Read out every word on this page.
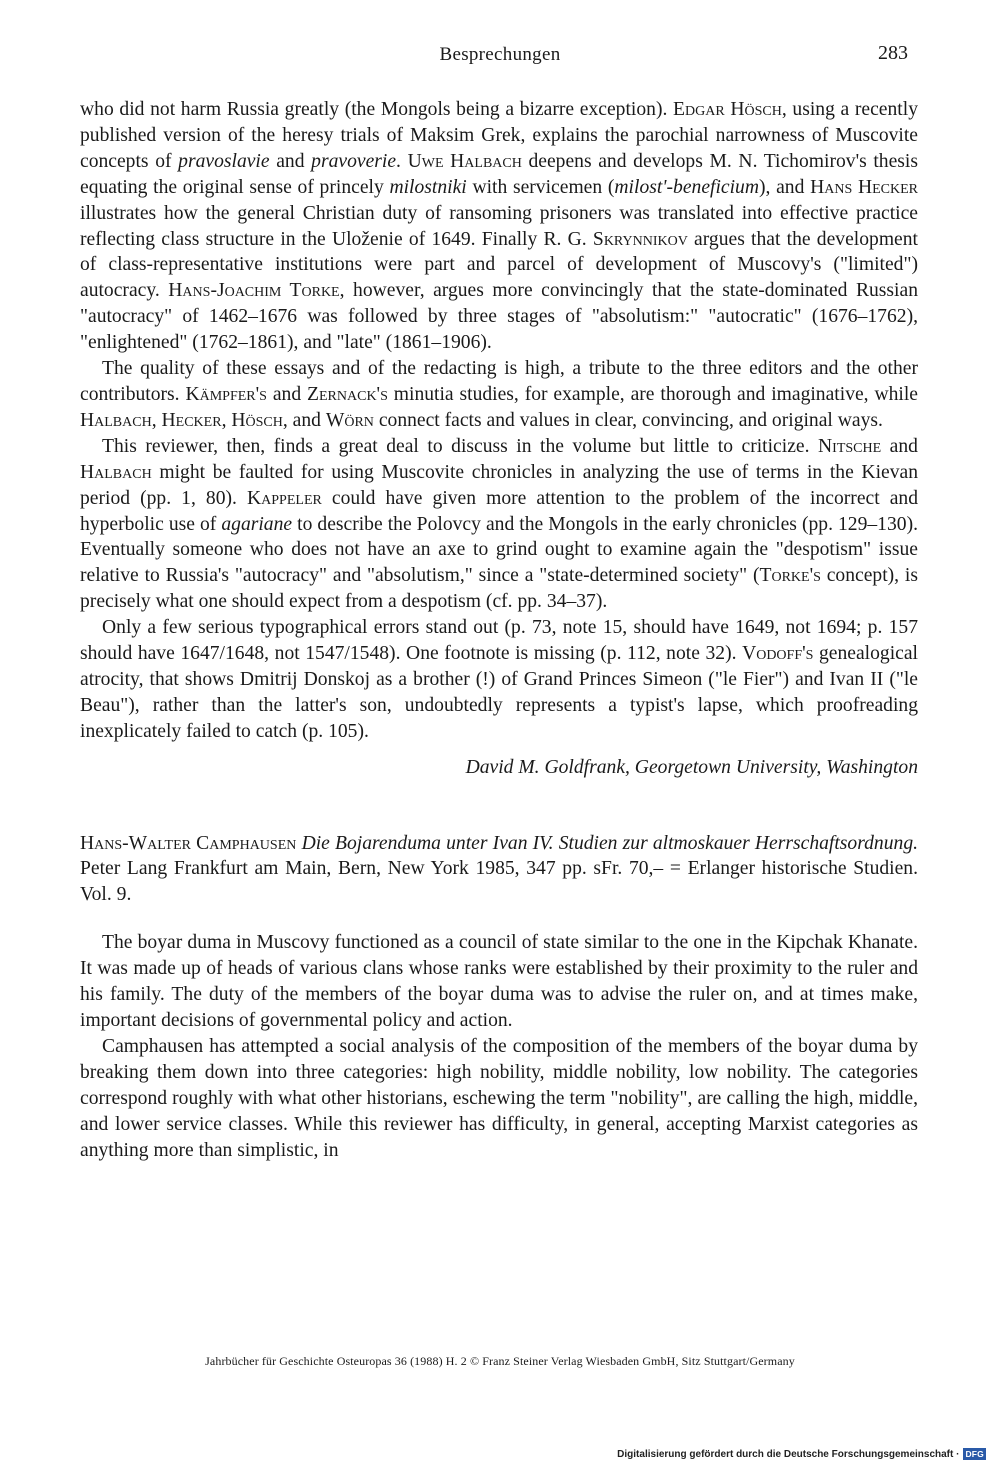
Besprechungen	283

who did not harm Russia greatly (the Mongols being a bizarre exception). Edgar Hösch, using a recently published version of the heresy trials of Maksim Grek, explains the parochial narrowness of Muscovite concepts of pravoslavie and pravoverie. Uwe Halbach deepens and develops M. N. Tichomirov's thesis equating the original sense of princely milostniki with servicemen (milost'-beneficium), and Hans Hecker illustrates how the general Christian duty of ransoming prisoners was translated into effective practice reflecting class structure in the Uloženie of 1649. Finally R. G. Skrynnikov argues that the development of class-representative institutions were part and parcel of development of Muscovy's ("limited") autocracy. Hans-Joachim Torke, however, argues more convincingly that the state-dominated Russian "autocracy" of 1462–1676 was followed by three stages of "absolutism:" "autocratic" (1676–1762), "enlightened" (1762–1861), and "late" (1861–1906).

The quality of these essays and of the redacting is high, a tribute to the three editors and the other contributors. Kämpfer's and Zernack's minutia studies, for example, are thorough and imaginative, while Halbach, Hecker, Hösch, and Wörn connect facts and values in clear, convincing, and original ways.

This reviewer, then, finds a great deal to discuss in the volume but little to criticize. Nitsche and Halbach might be faulted for using Muscovite chronicles in analyzing the use of terms in the Kievan period (pp. 1, 80). Kappeler could have given more attention to the problem of the incorrect and hyperbolic use of agariane to describe the Polovcy and the Mongols in the early chronicles (pp. 129–130). Eventually someone who does not have an axe to grind ought to examine again the "despotism" issue relative to Russia's "autocracy" and "absolutism," since a "state-determined society" (Torke's concept), is precisely what one should expect from a despotism (cf. pp. 34–37).

Only a few serious typographical errors stand out (p. 73, note 15, should have 1649, not 1694; p. 157 should have 1647/1648, not 1547/1548). One footnote is missing (p. 112, note 32). Vodoff's genealogical atrocity, that shows Dmitrij Donskoj as a brother (!) of Grand Princes Simeon ("le Fier") and Ivan II ("le Beau"), rather than the latter's son, undoubtedly represents a typist's lapse, which proofreading inexplicately failed to catch (p. 105).

David M. Goldfrank, Georgetown University, Washington

Hans-Walter Camphausen Die Bojarenduma unter Ivan IV. Studien zur altmoskauer Herrschaftsordnung. Peter Lang Frankfurt am Main, Bern, New York 1985, 347 pp. sFr. 70,– = Erlanger historische Studien. Vol. 9.

The boyar duma in Muscovy functioned as a council of state similar to the one in the Kipchak Khanate. It was made up of heads of various clans whose ranks were established by their proximity to the ruler and his family. The duty of the members of the boyar duma was to advise the ruler on, and at times make, important decisions of governmental policy and action.

Camphausen has attempted a social analysis of the composition of the members of the boyar duma by breaking them down into three categories: high nobility, middle nobility, low nobility. The categories correspond roughly with what other historians, eschewing the term "nobility", are calling the high, middle, and lower service classes. While this reviewer has difficulty, in general, accepting Marxist categories as anything more than simplistic, in

Jahrbücher für Geschichte Osteuropas 36 (1988) H. 2 © Franz Steiner Verlag Wiesbaden GmbH, Sitz Stuttgart/Germany
Digitalisierung gefördert durch die Deutsche Forschungsgemeinschaft · DFG
